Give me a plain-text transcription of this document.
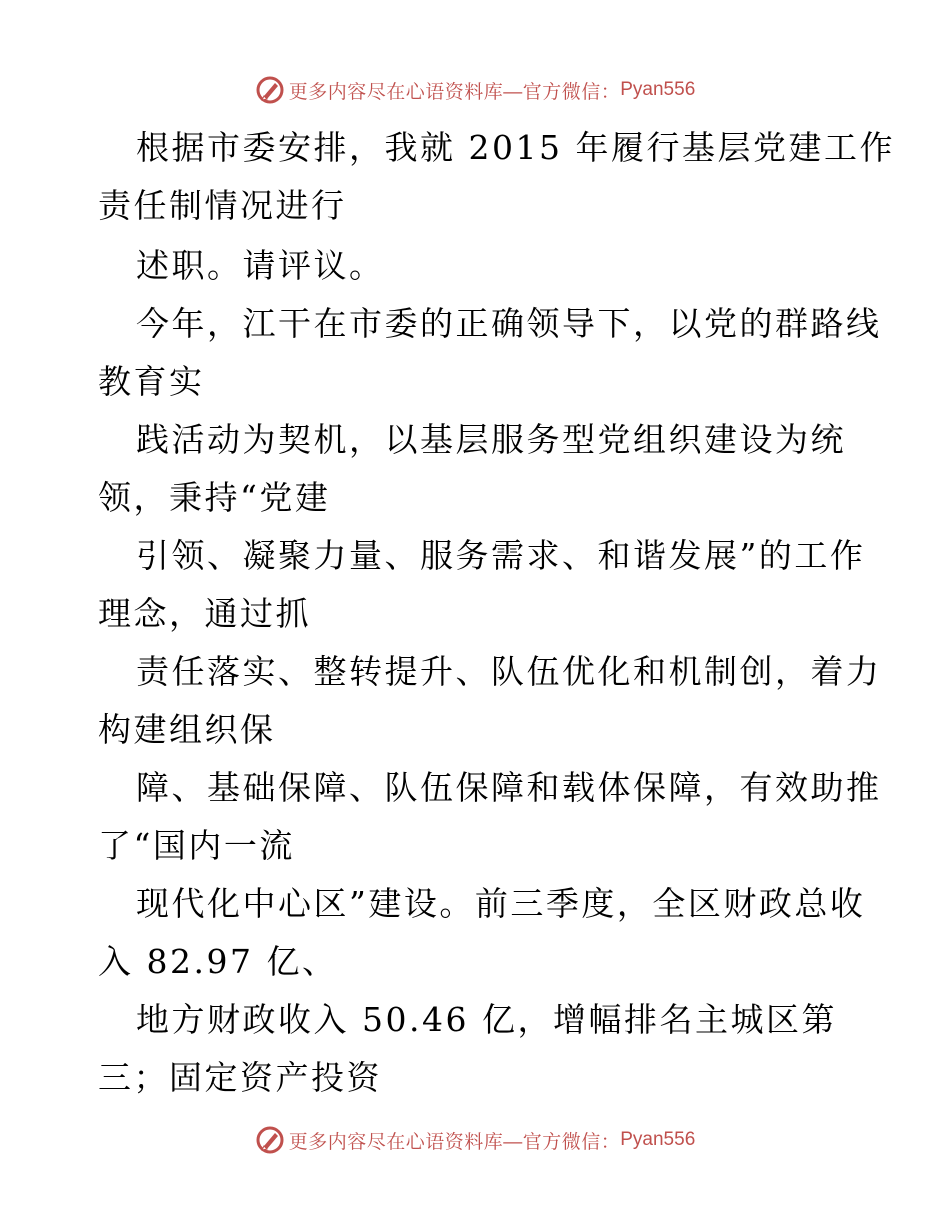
更多内容尽在心语资料库—官方微信： Pyan556
根据市委安排，我就 2015 年履行基层党建工作
责任制情况进行
述职。请评议。
今年，江干在市委的正确领导下，以党的群路线
教育实
践活动为契机，以基层服务型党组织建设为统
领，秉持“党建
引领、凝聚力量、服务需求、和谐发展”的工作
理念，通过抓
责任落实、整转提升、队伍优化和机制创，着力
构建组织保
障、基础保障、队伍保障和载体保障，有效助推
了“国内一流
现代化中心区”建设。前三季度，全区财政总收
入 82.97 亿、
地方财政收入 50.46 亿，增幅排名主城区第
三；固定资产投资
更多内容尽在心语资料库—官方微信： Pyan556
